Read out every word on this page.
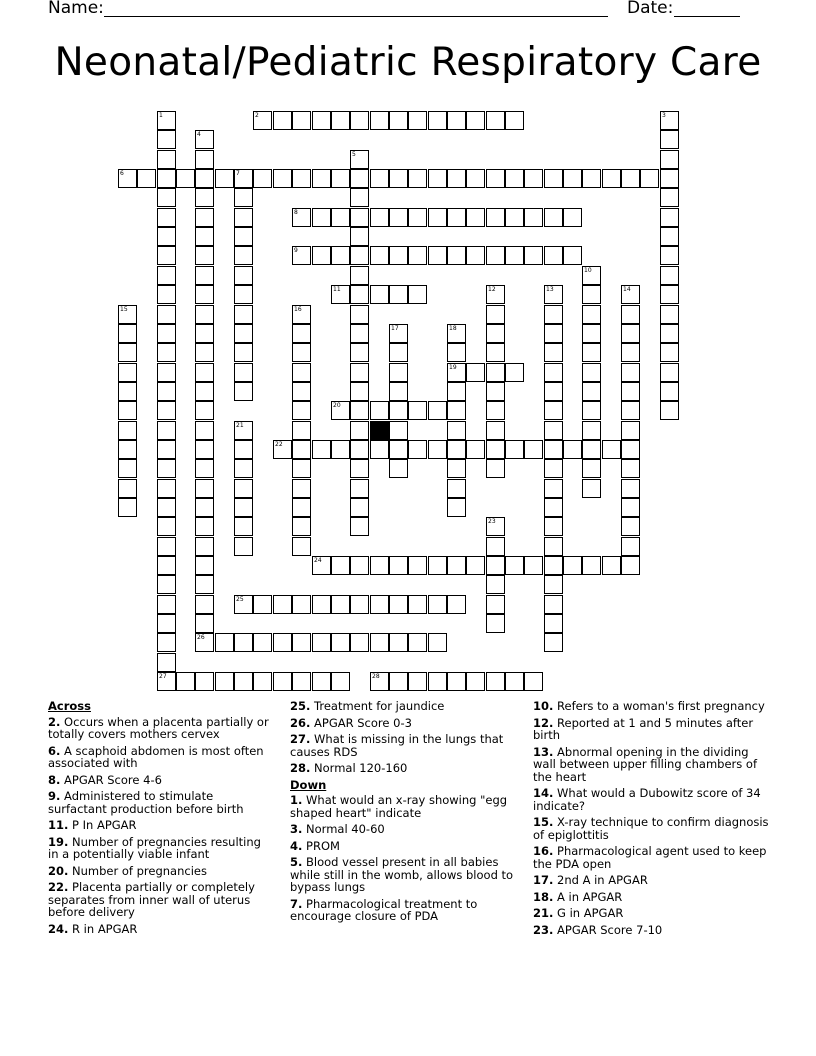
Name:	Date:
Neonatal/Pediatric Respiratory Care
2
6	7
8
9
11
19
20
22
24
25
26
27	28
1	3
4
5
10
12	13	14
15	16
17	18
21
23
Across
2. Occurs when a placenta partially or totally covers mothers cervex
6. A scaphoid abdomen is most often associated with
8. APGAR Score 4-6
9. Administered to stimulate surfactant production before birth
11. P In APGAR
19. Number of pregnancies resulting in a potentially viable infant
20. Number of pregnancies
22. Placenta partially or completely separates from inner wall of uterus before delivery
24. R in APGAR
25. Treatment for jaundice
26. APGAR Score 0-3
27. What is missing in the lungs that causes RDS
28. Normal 120-160
Down
1. What would an x-ray showing "egg shaped heart" indicate
3. Normal 40-60
4. PROM
5. Blood vessel present in all babies while still in the womb, allows blood to bypass lungs
7. Pharmacological treatment to encourage closure of PDA
10. Refers to a woman's first pregnancy
12. Reported at 1 and 5 minutes after birth
13. Abnormal opening in the dividing wall between upper filling chambers of the heart
14. What would a Dubowitz score of 34 indicate?
15. X-ray technique to confirm diagnosis of epiglottitis
16. Pharmacological agent used to keep the PDA open
17. 2nd A in APGAR
18. A in APGAR
21. G in APGAR
23. APGAR Score 7-10
